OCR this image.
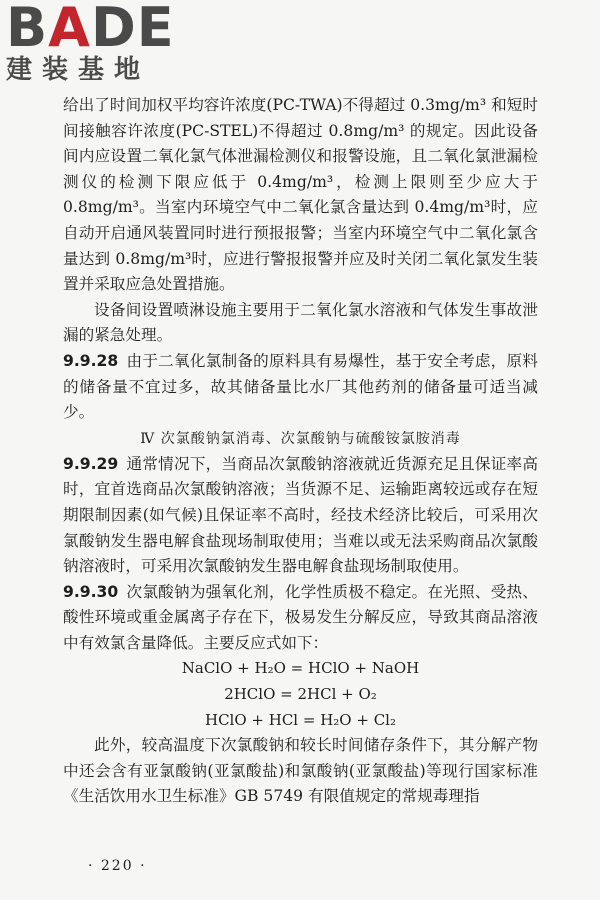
BADE
建装基地

给出了时间加权平均容许浓度(PC-TWA)不得超过 0.3mg/m³ 和短时间接触容许浓度(PC-STEL)不得超过 0.8mg/m³ 的规定。因此设备间内应设置二氧化氯气体泄漏检测仪和报警设施，且二氧化氯泄漏检测仪的检测下限应低于 0.4mg/m³，检测上限则至少应大于 0.8mg/m³。当室内环境空气中二氧化氯含量达到 0.4mg/m³时，应自动开启通风装置同时进行预报报警；当室内环境空气中二氧化氯含量达到 0.8mg/m³时，应进行警报报警并应及时关闭二氧化氯发生装置并采取应急处置措施。

设备间设置喷淋设施主要用于二氧化氯水溶液和气体发生事故泄漏的紧急处理。

9.9.28 由于二氧化氯制备的原料具有易爆性，基于安全考虑，原料的储备量不宜过多，故其储备量比水厂其他药剂的储备量可适当减少。

Ⅳ 次氯酸钠氯消毒、次氯酸钠与硫酸铵氯胺消毒

9.9.29 通常情况下，当商品次氯酸钠溶液就近货源充足且保证率高时，宜首选商品次氯酸钠溶液；当货源不足、运输距离较远或存在短期限制因素(如气候)且保证率不高时，经技术经济比较后，可采用次氯酸钠发生器电解食盐现场制取使用；当难以或无法采购商品次氯酸钠溶液时，可采用次氯酸钠发生器电解食盐现场制取使用。

9.9.30 次氯酸钠为强氧化剂，化学性质极不稳定。在光照、受热、酸性环境或重金属离子存在下，极易发生分解反应，导致其商品溶液中有效氯含量降低。主要反应式如下：

NaClO + H₂O = HClO + NaOH

2HClO = 2HCl + O₂

HClO + HCl = H₂O + Cl₂

此外，较高温度下次氯酸钠和较长时间储存条件下，其分解产物中还会含有亚氯酸钠(亚氯酸盐)和氯酸钠(亚氯酸盐)等现行国家标准《生活饮用水卫生标准》GB 5749 有限值规定的常规毒理指

· 220 ·
